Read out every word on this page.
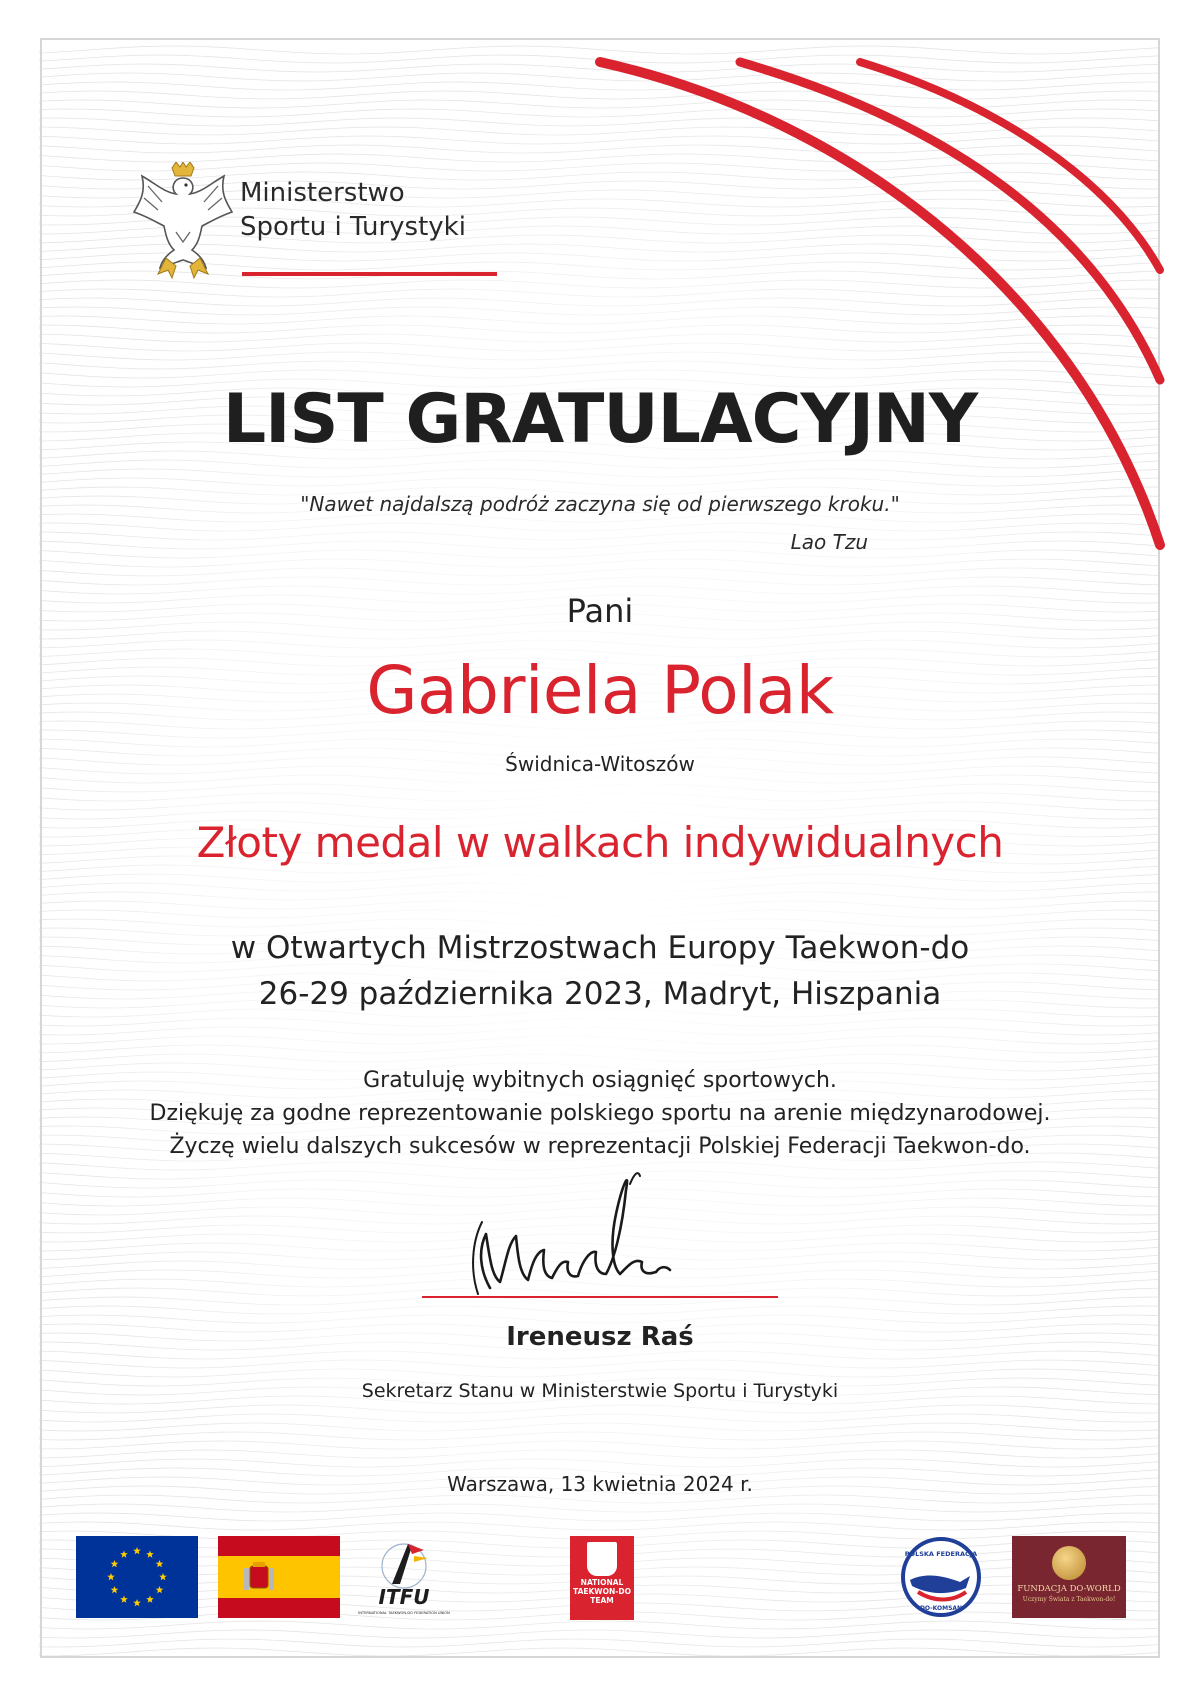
Ministerstwo
Sportu i Turystyki
LIST GRATULACYJNY
"Nawet najdalszą podróż zaczyna się od pierwszego kroku."
Lao Tzu
Pani
Gabriela Polak
Świdnica-Witoszów
Złoty medal w walkach indywidualnych
w Otwartych Mistrzostwach Europy Taekwon-do
26-29 października 2023, Madryt, Hiszpania
Gratuluję wybitnych osiągnięć sportowych.
Dziękuję za godne reprezentowanie polskiego sportu na arenie międzynarodowej.
Życzę wielu dalszych sukcesów w reprezentacji Polskiej Federacji Taekwon-do.
Ireneusz Raś
Sekretarz Stanu w Ministerstwie Sportu i Turystyki
Warszawa, 13 kwietnia 2024 r.
ITFU
INTERNATIONAL TAEKWON-DO FEDERATION UNION
NATIONAL
TAEKWON-DO
TEAM
POLSKA FEDERACJA
DO-KOMSAN
FUNDACJA DO-WORLD
Uczymy Świata z Taekwon-do!
